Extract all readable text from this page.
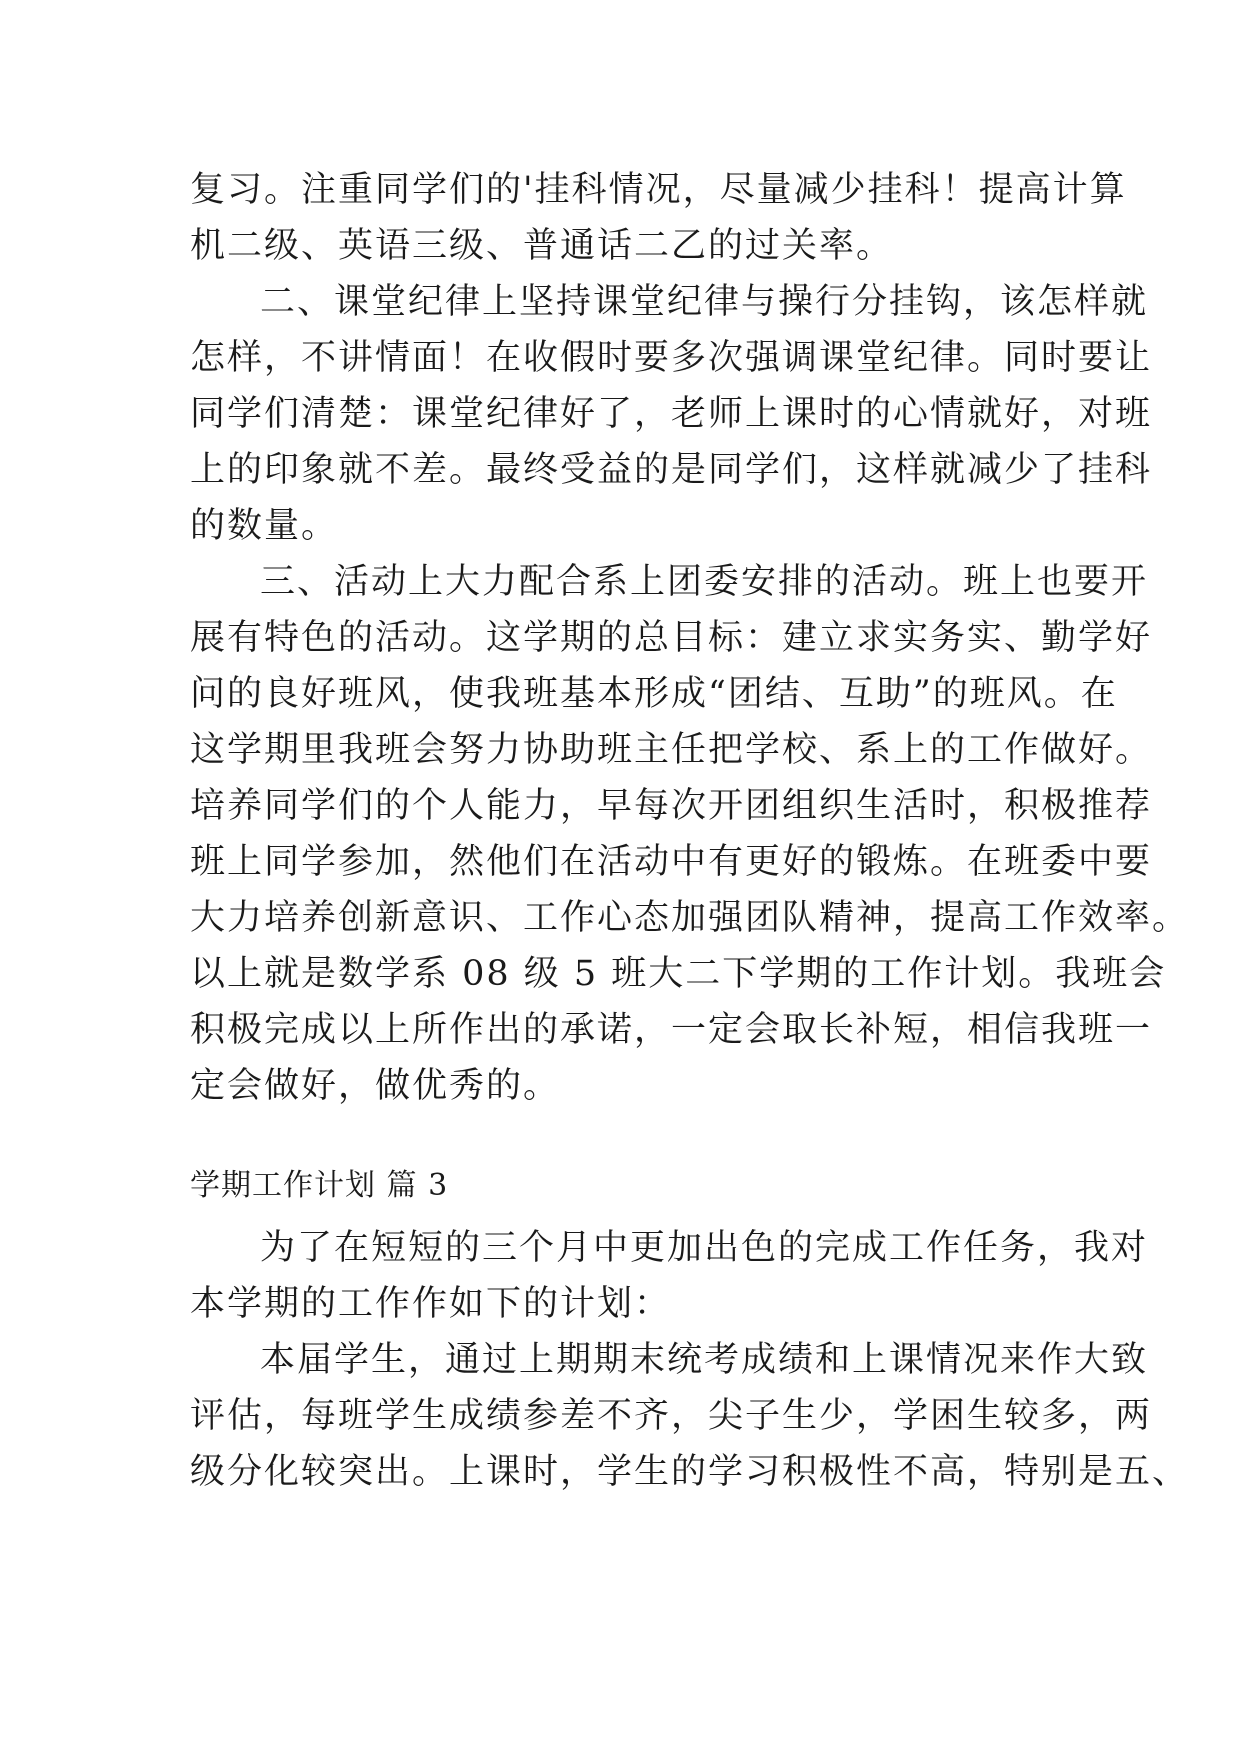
复习。注重同学们的'挂科情况，尽量减少挂科！提高计算
机二级、英语三级、普通话二乙的过关率。
二、课堂纪律上坚持课堂纪律与操行分挂钩，该怎样就
怎样，不讲情面！在收假时要多次强调课堂纪律。同时要让
同学们清楚：课堂纪律好了，老师上课时的心情就好，对班
上的印象就不差。最终受益的是同学们，这样就减少了挂科
的数量。
三、活动上大力配合系上团委安排的活动。班上也要开
展有特色的活动。这学期的总目标：建立求实务实、勤学好
问的良好班风，使我班基本形成“团结、互助”的班风。在
这学期里我班会努力协助班主任把学校、系上的工作做好。
培养同学们的个人能力，早每次开团组织生活时，积极推荐
班上同学参加，然他们在活动中有更好的锻炼。在班委中要
大力培养创新意识、工作心态加强团队精神，提高工作效率。
以上就是数学系 08 级 5 班大二下学期的工作计划。我班会
积极完成以上所作出的承诺，一定会取长补短，相信我班一
定会做好，做优秀的。
学期工作计划 篇 3
为了在短短的三个月中更加出色的完成工作任务，我对
本学期的工作作如下的计划：
本届学生，通过上期期末统考成绩和上课情况来作大致
评估，每班学生成绩参差不齐，尖子生少，学困生较多，两
级分化较突出。上课时，学生的学习积极性不高，特别是五、
